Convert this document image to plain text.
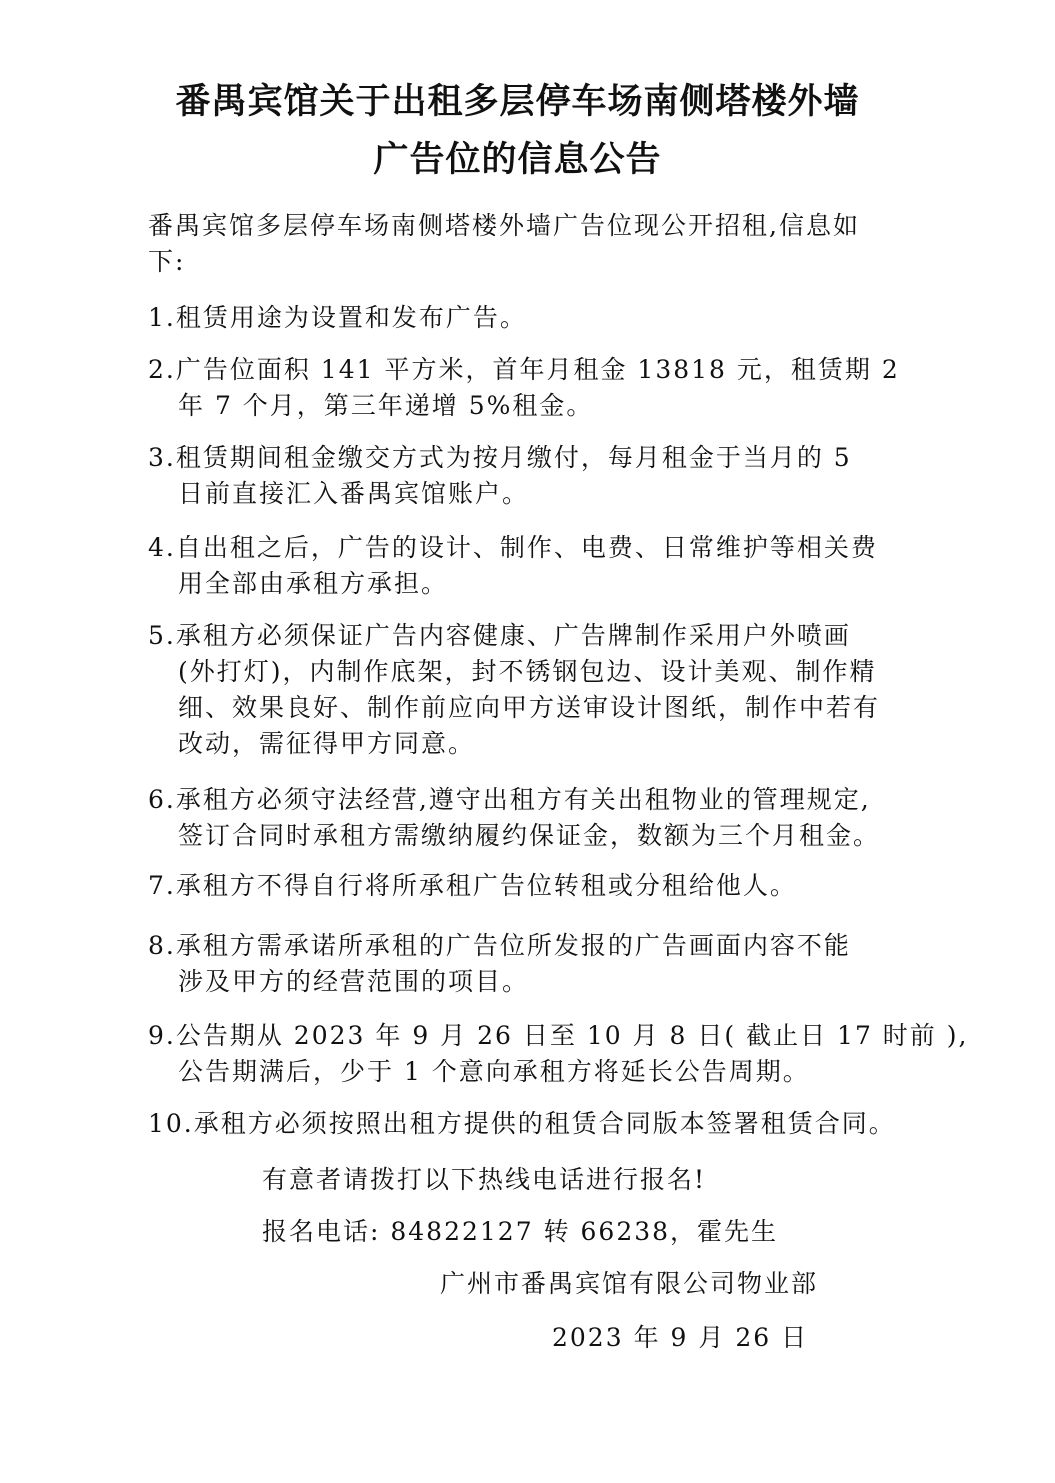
番禺宾馆关于出租多层停车场南侧塔楼外墙
广告位的信息公告
番禺宾馆多层停车场南侧塔楼外墙广告位现公开招租,信息如
下:
1.租赁用途为设置和发布广告。
2.广告位面积 141 平方米，首年月租金 13818 元，租赁期 2
年 7 个月，第三年递增 5%租金。
3.租赁期间租金缴交方式为按月缴付，每月租金于当月的 5
日前直接汇入番禺宾馆账户。
4.自出租之后，广告的设计、制作、电费、日常维护等相关费
用全部由承租方承担。
5.承租方必须保证广告内容健康、广告牌制作采用户外喷画
(外打灯)，内制作底架，封不锈钢包边、设计美观、制作精
细、效果良好、制作前应向甲方送审设计图纸，制作中若有
改动，需征得甲方同意。
6.承租方必须守法经营,遵守出租方有关出租物业的管理规定,
签订合同时承租方需缴纳履约保证金，数额为三个月租金。
7.承租方不得自行将所承租广告位转租或分租给他人。
8.承租方需承诺所承租的广告位所发报的广告画面内容不能
涉及甲方的经营范围的项目。
9.公告期从 2023 年 9 月 26 日至 10 月 8 日( 截止日 17 时前 ),
公告期满后，少于 1 个意向承租方将延长公告周期。
10.承租方必须按照出租方提供的租赁合同版本签署租赁合同。
有意者请拨打以下热线电话进行报名!
报名电话: 84822127 转 66238，霍先生
广州市番禺宾馆有限公司物业部
2023 年 9 月 26 日
